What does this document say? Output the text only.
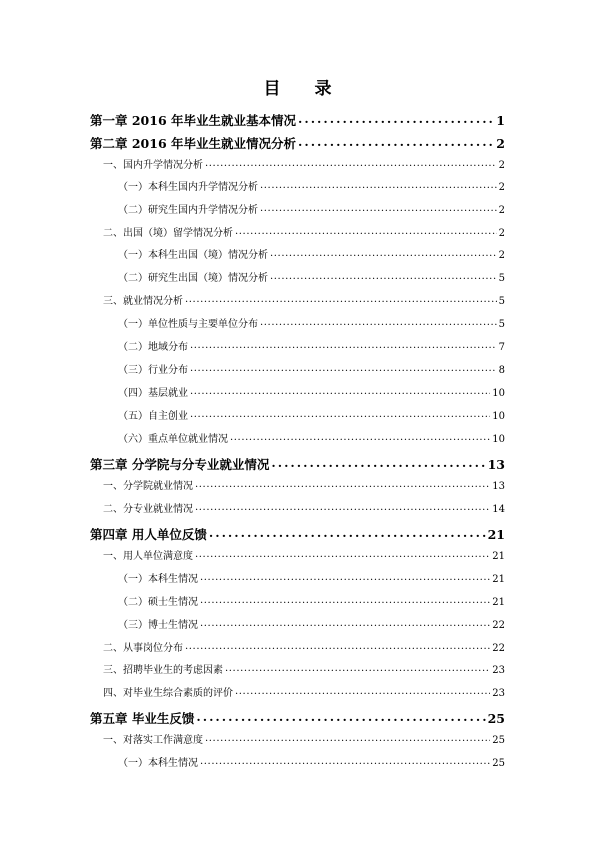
目 录
第一章 2016 年毕业生就业基本情况 .....	1
第二章 2016 年毕业生就业情况分析 .....	2
一、国内升学情况分析 .....	2
（一）本科生国内升学情况分析 .....	2
（二）研究生国内升学情况分析 .....	2
二、出国（境）留学情况分析 .....	2
（一）本科生出国（境）情况分析 .....	2
（二）研究生出国（境）情况分析 .....	5
三、就业情况分析 .....	5
（一）单位性质与主要单位分布 .....	5
（二）地域分布 .....	7
（三）行业分布 .....	8
（四）基层就业 .....	10
（五）自主创业 .....	10
（六）重点单位就业情况 .....	10
第三章 分学院与分专业就业情况 .....	13
一、分学院就业情况 .....	13
二、分专业就业情况 .....	14
第四章 用人单位反馈 .....	21
一、用人单位满意度 .....	21
（一）本科生情况 .....	21
（二）硕士生情况 .....	21
（三）博士生情况 .....	22
二、从事岗位分布 .....	22
三、招聘毕业生的考虑因素 .....	23
四、对毕业生综合素质的评价 .....	23
第五章 毕业生反馈 .....	25
一、对落实工作满意度 .....	25
（一）本科生情况 .....	25
